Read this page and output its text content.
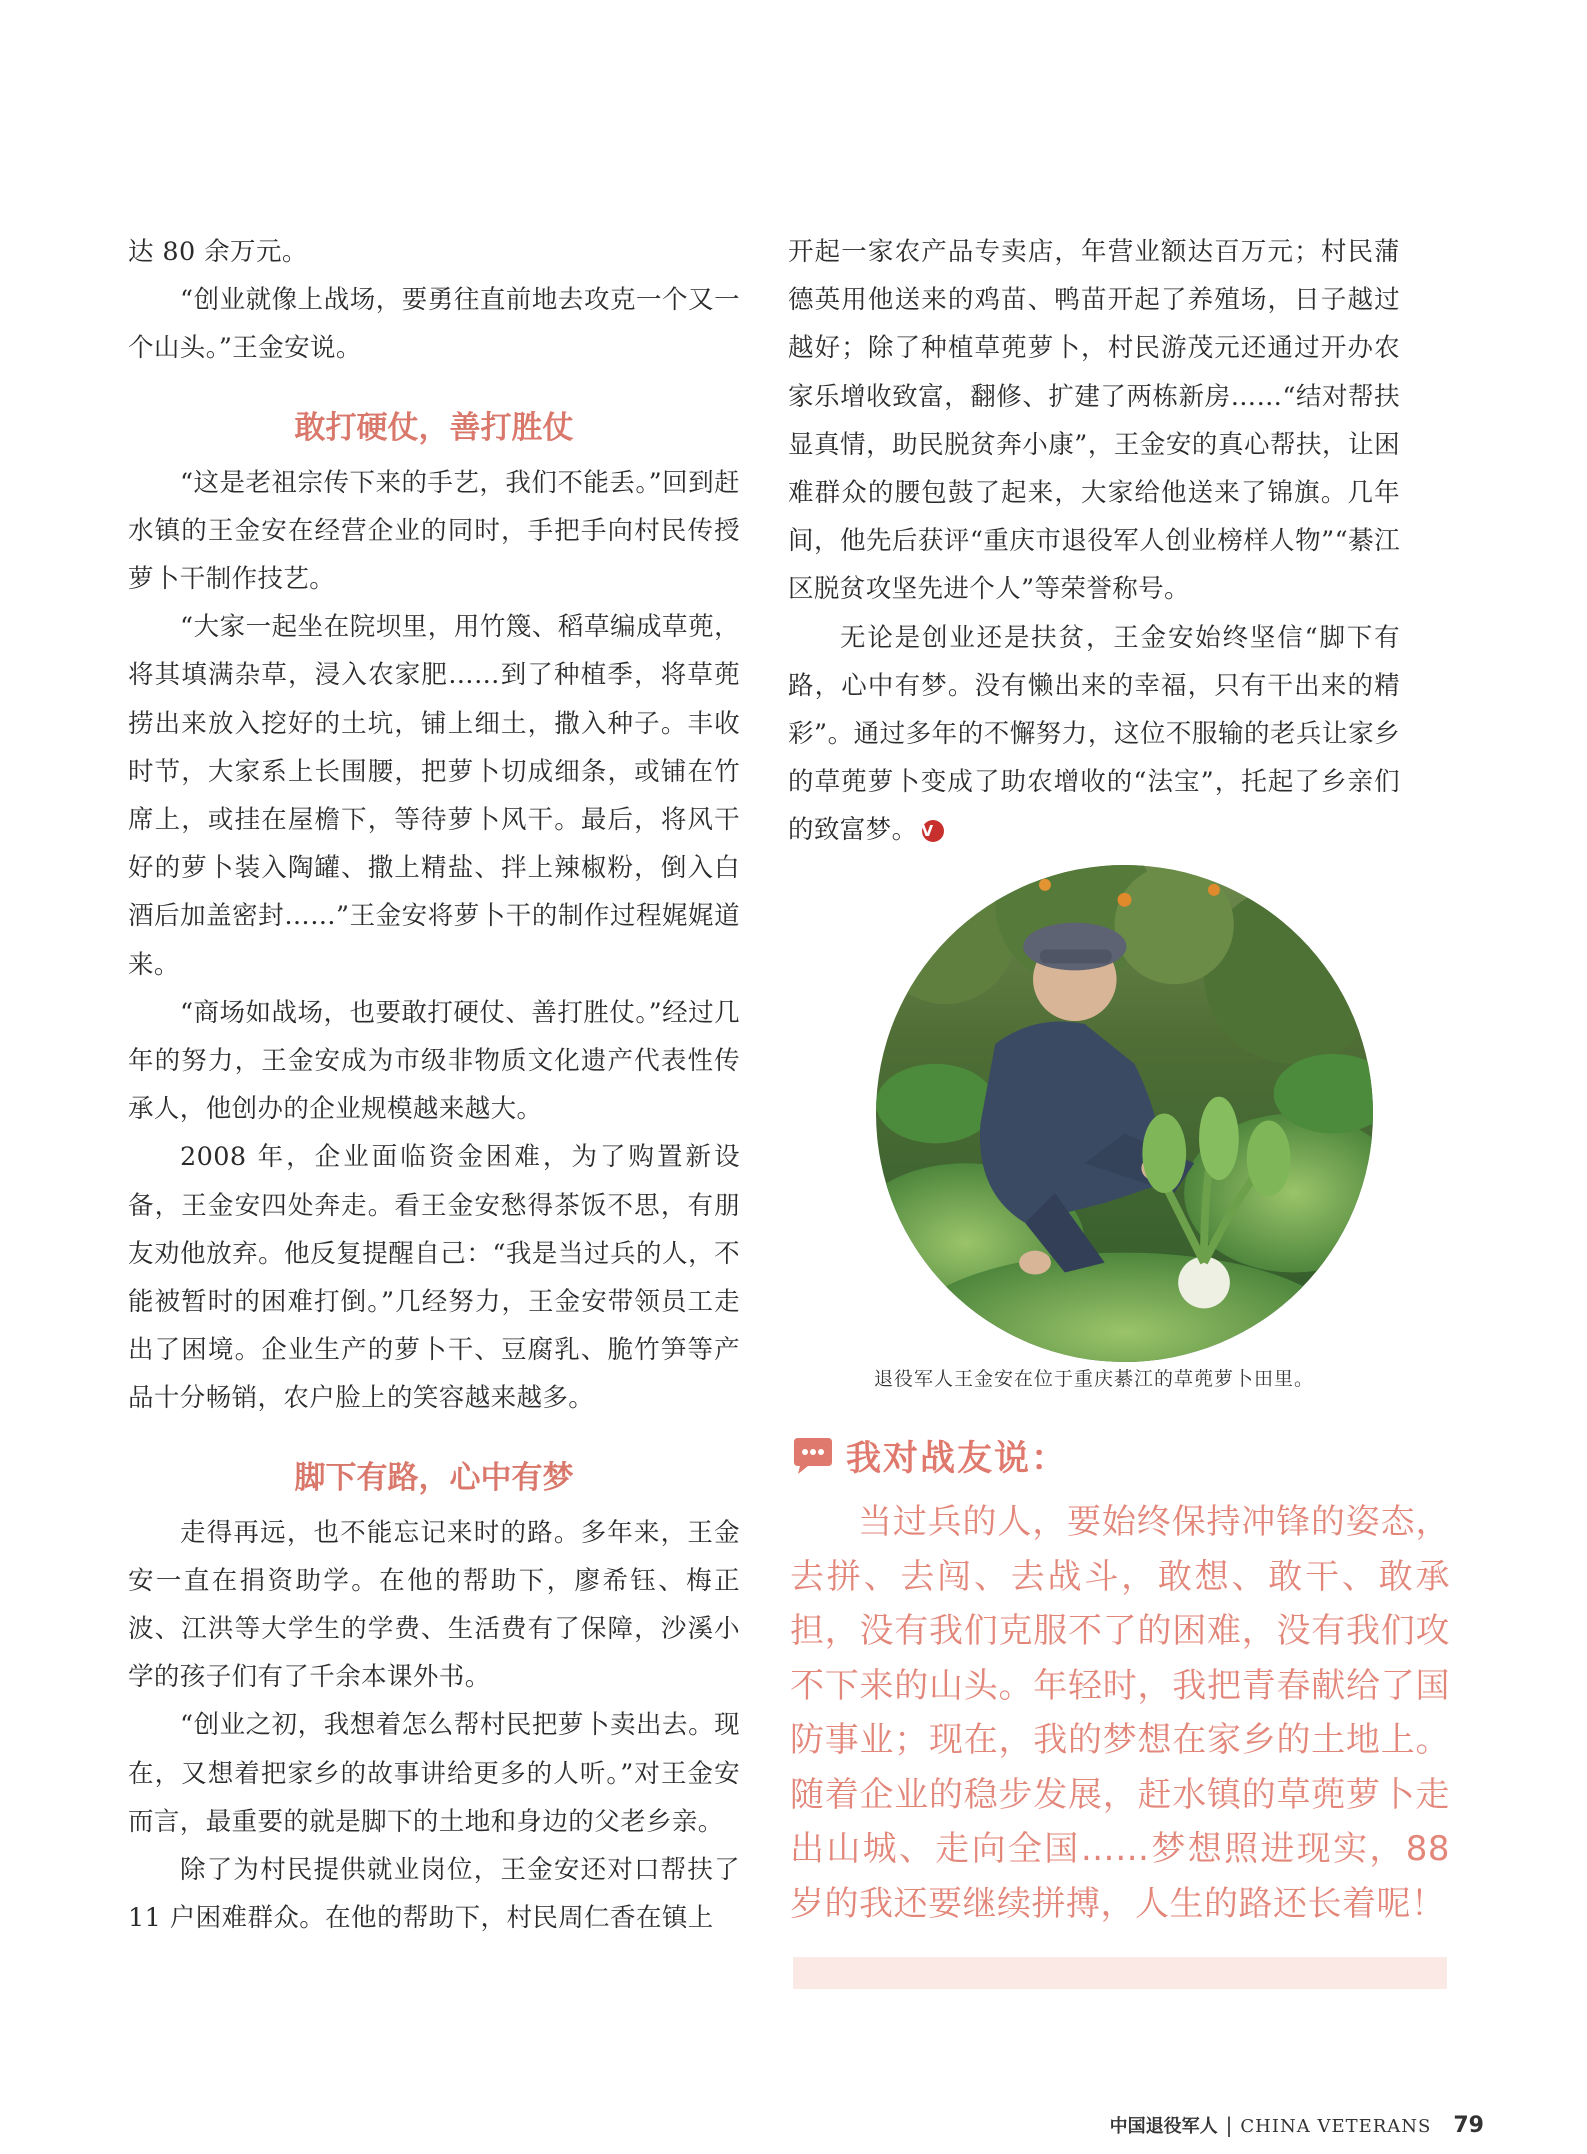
达 80 余万元。

“创业就像上战场，要勇往直前地去攻克一个又一个山头。”王金安说。

敢打硬仗，善打胜仗

“这是老祖宗传下来的手艺，我们不能丢。”回到赶水镇的王金安在经营企业的同时，手把手向村民传授萝卜干制作技艺。

“大家一起坐在院坝里，用竹篾、稻草编成草蔸，将其填满杂草，浸入农家肥……到了种植季，将草蔸捞出来放入挖好的土坑，铺上细土，撒入种子。丰收时节，大家系上长围腰，把萝卜切成细条，或铺在竹席上，或挂在屋檐下，等待萝卜风干。最后，将风干好的萝卜装入陶罐、撒上精盐、拌上辣椒粉，倒入白酒后加盖密封……”王金安将萝卜干的制作过程娓娓道来。

“商场如战场，也要敢打硬仗、善打胜仗。”经过几年的努力，王金安成为市级非物质文化遗产代表性传承人，他创办的企业规模越来越大。

2008 年，企业面临资金困难，为了购置新设备，王金安四处奔走。看王金安愁得茶饭不思，有朋友劝他放弃。他反复提醒自己：“我是当过兵的人，不能被暂时的困难打倒。”几经努力，王金安带领员工走出了困境。企业生产的萝卜干、豆腐乳、脆竹笋等产品十分畅销，农户脸上的笑容越来越多。

脚下有路，心中有梦

走得再远，也不能忘记来时的路。多年来，王金安一直在捐资助学。在他的帮助下，廖希钰、梅正波、江洪等大学生的学费、生活费有了保障，沙溪小学的孩子们有了千余本课外书。

“创业之初，我想着怎么帮村民把萝卜卖出去。现在，又想着把家乡的故事讲给更多的人听。”对王金安而言，最重要的就是脚下的土地和身边的父老乡亲。

除了为村民提供就业岗位，王金安还对口帮扶了 11 户困难群众。在他的帮助下，村民周仁香在镇上

开起一家农产品专卖店，年营业额达百万元；村民蒲德英用他送来的鸡苗、鸭苗开起了养殖场，日子越过越好；除了种植草蔸萝卜，村民游茂元还通过开办农家乐增收致富，翻修、扩建了两栋新房……“结对帮扶显真情，助民脱贫奔小康”，王金安的真心帮扶，让困难群众的腰包鼓了起来，大家给他送来了锦旗。几年间，他先后获评“重庆市退役军人创业榜样人物”“綦江区脱贫攻坚先进个人”等荣誉称号。

无论是创业还是扶贫，王金安始终坚信“脚下有路，心中有梦。没有懒出来的幸福，只有干出来的精彩”。通过多年的不懈努力，这位不服输的老兵让家乡的草蔸萝卜变成了助农增收的“法宝”，托起了乡亲们的致富梦。 V

退役军人王金安在位于重庆綦江的草蔸萝卜田里。
我对战友说：

当过兵的人，要始终保持冲锋的姿态，去拼、去闯、去战斗，敢想、敢干、敢承担，没有我们克服不了的困难，没有我们攻不下来的山头。年轻时，我把青春献给了国防事业；现在，我的梦想在家乡的土地上。随着企业的稳步发展，赶水镇的草蔸萝卜走出山城、走向全国……梦想照进现实，88 岁的我还要继续拼搏，人生的路还长着呢！

中国退役军人 | CHINA VETERANS 79
